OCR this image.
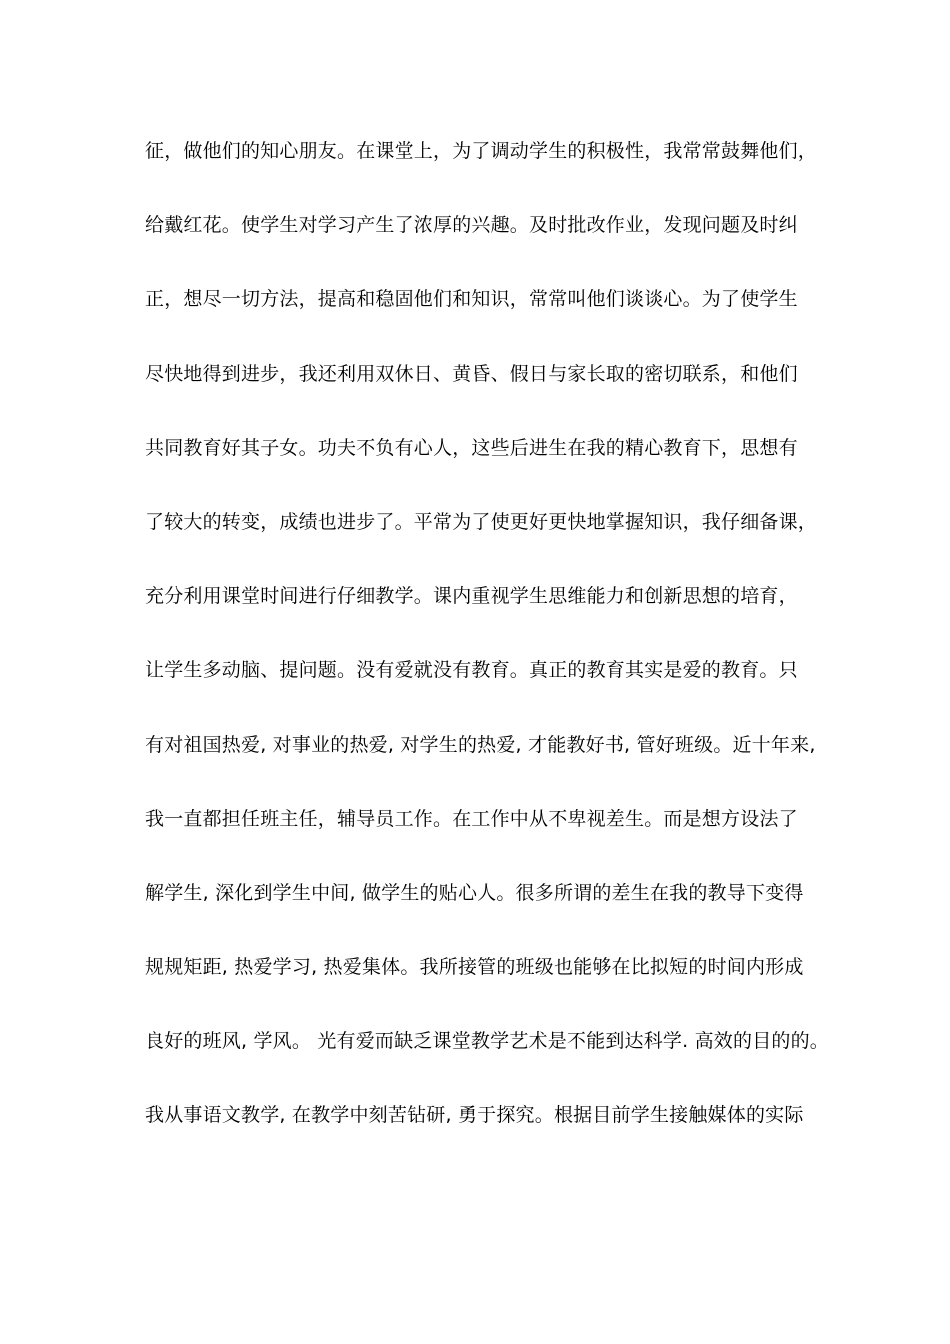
征，做他们的知心朋友。在课堂上，为了调动学生的积极性，我常常鼓舞他们，
给戴红花。使学生对学习产生了浓厚的兴趣。及时批改作业，发现问题及时纠
正，想尽一切方法，提高和稳固他们和知识，常常叫他们谈谈心。为了使学生
尽快地得到进步，我还利用双休日、黄昏、假日与家长取的密切联系，和他们
共同教育好其子女。功夫不负有心人，这些后进生在我的精心教育下，思想有
了较大的转变，成绩也进步了。平常为了使更好更快地掌握知识，我仔细备课，
充分利用课堂时间进行仔细教学。课内重视学生思维能力和创新思想的培育，
让学生多动脑、提问题。没有爱就没有教育。真正的教育其实是爱的教育。只
有对祖国热爱, 对事业的热爱, 对学生的热爱, 才能教好书, 管好班级。近十年来,
我一直都担任班主任，辅导员工作。在工作中从不卑视差生。而是想方设法了
解学生, 深化到学生中间, 做学生的贴心人。很多所谓的差生在我的教导下变得
规规矩距, 热爱学习, 热爱集体。我所接管的班级也能够在比拟短的时间内形成
良好的班风, 学风。 光有爱而缺乏课堂教学艺术是不能到达科学. 高效的目的的。
我从事语文教学, 在教学中刻苦钻研, 勇于探究。根据目前学生接触媒体的实际
